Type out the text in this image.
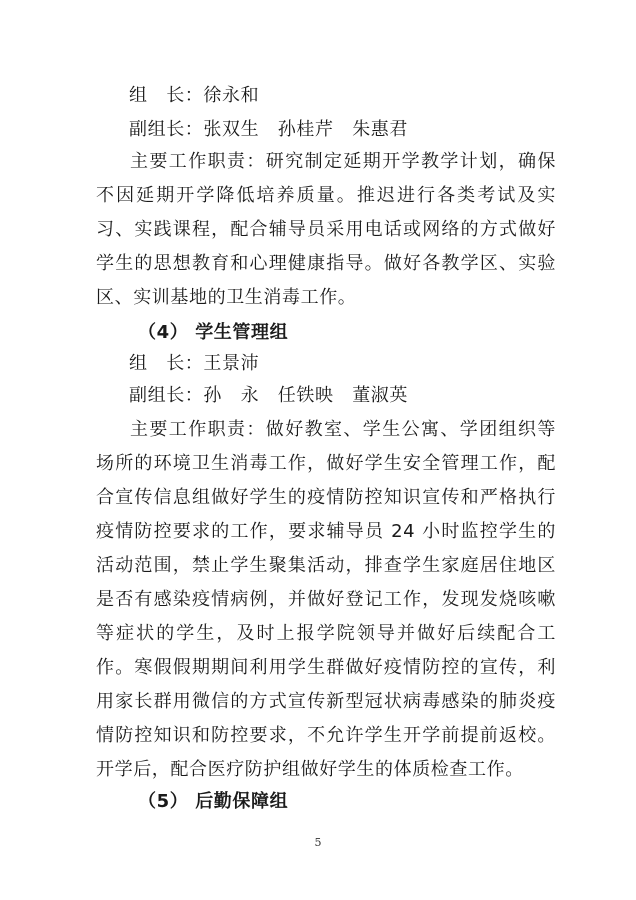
组　长：徐永和
副组长：张双生　孙桂芹　朱惠君
主要工作职责：研究制定延期开学教学计划，确保不因延期开学降低培养质量。推迟进行各类考试及实习、实践课程，配合辅导员采用电话或网络的方式做好学生的思想教育和心理健康指导。做好各教学区、实验区、实训基地的卫生消毒工作。
（4） 学生管理组
组　长：王景沛
副组长：孙　永　任铁映　董淑英
主要工作职责：做好教室、学生公寓、学团组织等场所的环境卫生消毒工作，做好学生安全管理工作，配合宣传信息组做好学生的疫情防控知识宣传和严格执行疫情防控要求的工作，要求辅导员 24 小时监控学生的活动范围，禁止学生聚集活动，排查学生家庭居住地区是否有感染疫情病例，并做好登记工作，发现发烧咳嗽等症状的学生，及时上报学院领导并做好后续配合工作。寒假假期期间利用学生群做好疫情防控的宣传，利用家长群用微信的方式宣传新型冠状病毒感染的肺炎疫情防控知识和防控要求，不允许学生开学前提前返校。开学后，配合医疗防护组做好学生的体质检查工作。
（5） 后勤保障组
5
